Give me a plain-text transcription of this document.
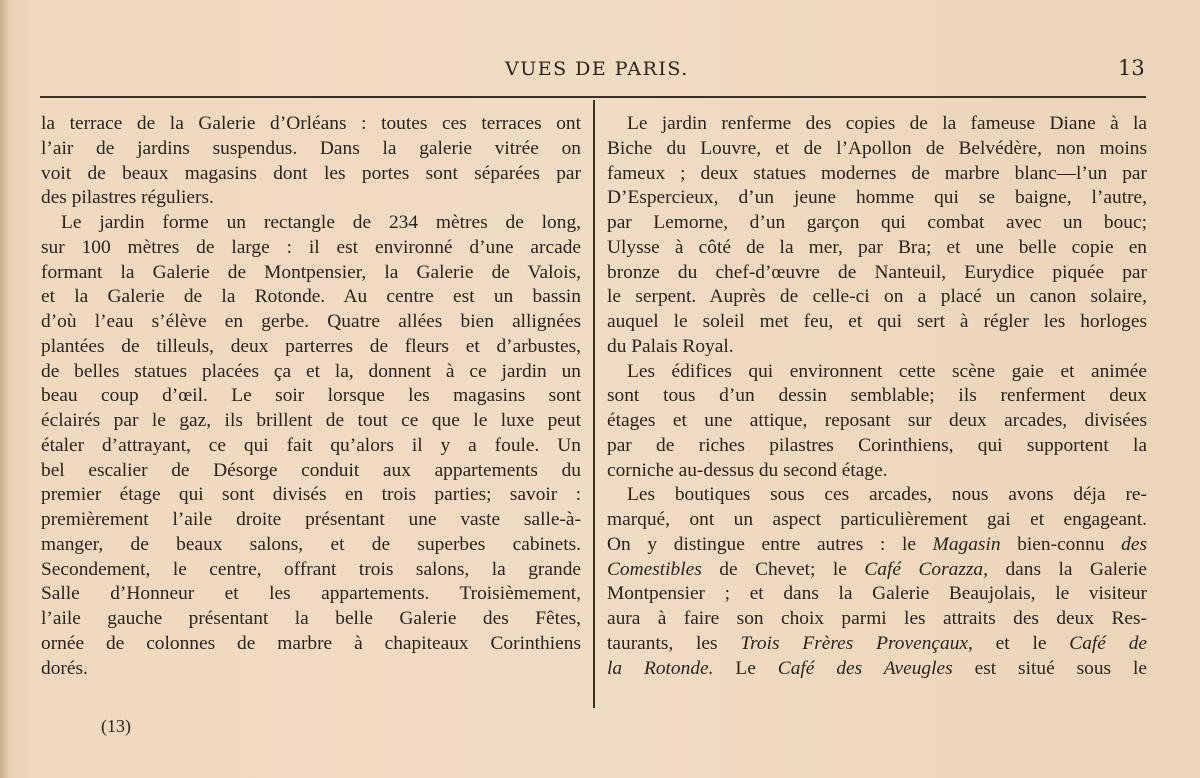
VUES DE PARIS.	13
la terrace de la Galerie d’Orléans : toutes ces terraces ont
l’air de jardins suspendus. Dans la galerie vitrée on
voit de beaux magasins dont les portes sont séparées par
des pilastres réguliers.
Le jardin forme un rectangle de 234 mètres de long,
sur 100 mètres de large : il est environné d’une arcade
formant la Galerie de Montpensier, la Galerie de Valois,
et la Galerie de la Rotonde. Au centre est un bassin
d’où l’eau s’élève en gerbe. Quatre allées bien allignées
plantées de tilleuls, deux parterres de fleurs et d’arbustes,
de belles statues placées ça et la, donnent à ce jardin un
beau coup d’œil. Le soir lorsque les magasins sont
éclairés par le gaz, ils brillent de tout ce que le luxe peut
étaler d’attrayant, ce qui fait qu’alors il y a foule. Un
bel escalier de Désorge conduit aux appartements du
premier étage qui sont divisés en trois parties; savoir :
premièrement l’aile droite présentant une vaste salle-à-
manger, de beaux salons, et de superbes cabinets.
Secondement, le centre, offrant trois salons, la grande
Salle d’Honneur et les appartements. Troisièmement,
l’aile gauche présentant la belle Galerie des Fêtes,
ornée de colonnes de marbre à chapiteaux Corinthiens
dorés.
Le jardin renferme des copies de la fameuse Diane à la
Biche du Louvre, et de l’Apollon de Belvédère, non moins
fameux ; deux statues modernes de marbre blanc—l’un par
D’Espercieux, d’un jeune homme qui se baigne, l’autre,
par Lemorne, d’un garçon qui combat avec un bouc;
Ulysse à côté de la mer, par Bra; et une belle copie en
bronze du chef-d’œuvre de Nanteuil, Eurydice piquée par
le serpent. Auprès de celle-ci on a placé un canon solaire,
auquel le soleil met feu, et qui sert à régler les horloges
du Palais Royal.
Les édifices qui environnent cette scène gaie et animée
sont tous d’un dessin semblable; ils renferment deux
étages et une attique, reposant sur deux arcades, divisées
par de riches pilastres Corinthiens, qui supportent la
corniche au-dessus du second étage.
Les boutiques sous ces arcades, nous avons déja re-
marqué, ont un aspect particulièrement gai et engageant.
On y distingue entre autres : le Magasin bien-connu des
Comestibles de Chevet; le Café Corazza, dans la Galerie
Montpensier ; et dans la Galerie Beaujolais, le visiteur
aura à faire son choix parmi les attraits des deux Res-
taurants, les Trois Frères Provençaux, et le Café de
la Rotonde. Le Café des Aveugles est situé sous le
(13)
